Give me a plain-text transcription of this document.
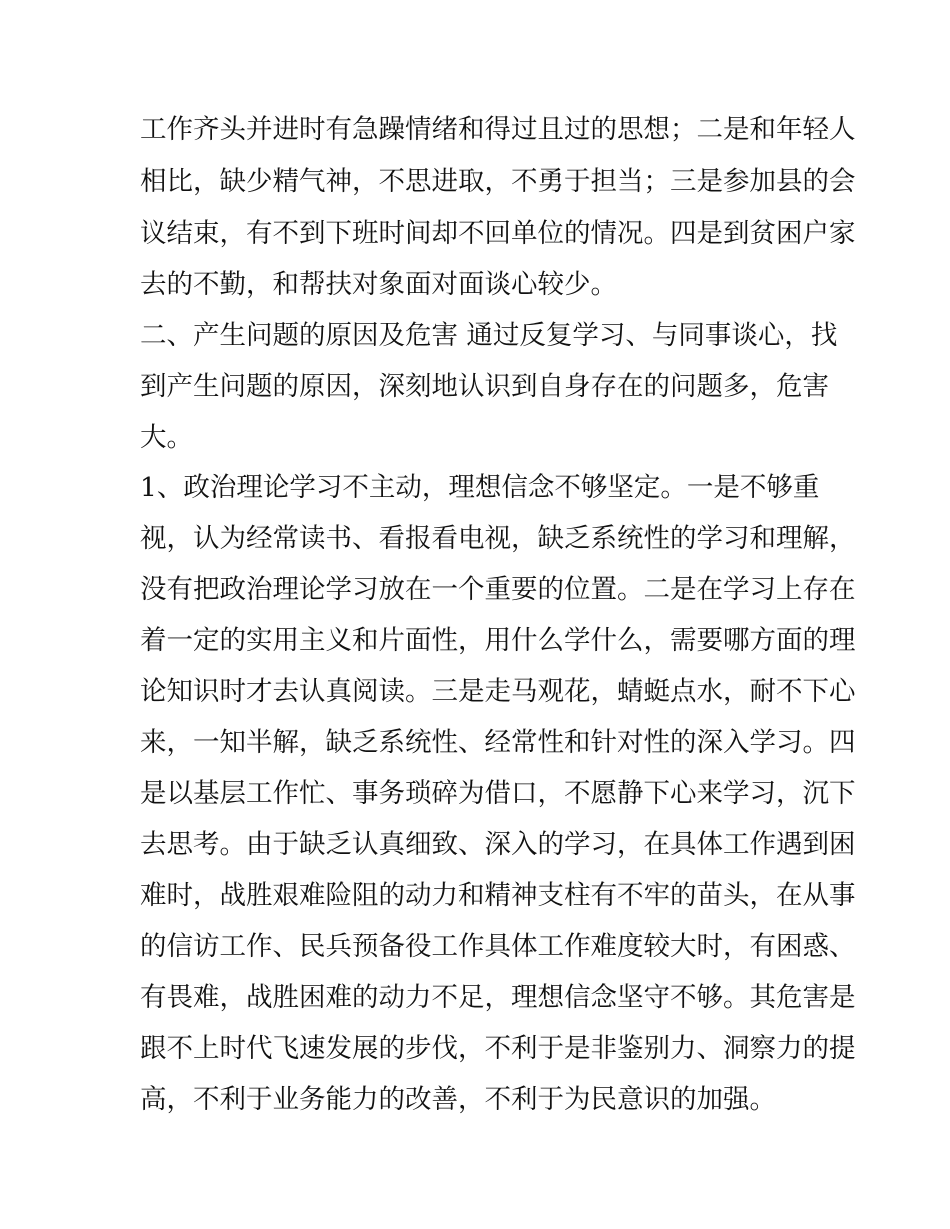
工作齐头并进时有急躁情绪和得过且过的思想；二是和年轻人

相比，缺少精气神，不思进取，不勇于担当；三是参加县的会

议结束，有不到下班时间却不回单位的情况。四是到贫困户家

去的不勤，和帮扶对象面对面谈心较少。

二、产生问题的原因及危害 通过反复学习、与同事谈心，找

到产生问题的原因，深刻地认识到自身存在的问题多，危害

大。

1、政治理论学习不主动，理想信念不够坚定。一是不够重

视，认为经常读书、看报看电视，缺乏系统性的学习和理解，

没有把政治理论学习放在一个重要的位置。二是在学习上存在

着一定的实用主义和片面性，用什么学什么，需要哪方面的理

论知识时才去认真阅读。三是走马观花，蜻蜓点水，耐不下心

来，一知半解，缺乏系统性、经常性和针对性的深入学习。四

是以基层工作忙、事务琐碎为借口，不愿静下心来学习，沉下

去思考。由于缺乏认真细致、深入的学习，在具体工作遇到困

难时，战胜艰难险阻的动力和精神支柱有不牢的苗头，在从事

的信访工作、民兵预备役工作具体工作难度较大时，有困惑、

有畏难，战胜困难的动力不足，理想信念坚守不够。其危害是

跟不上时代飞速发展的步伐，不利于是非鉴别力、洞察力的提

高，不利于业务能力的改善，不利于为民意识的加强。
